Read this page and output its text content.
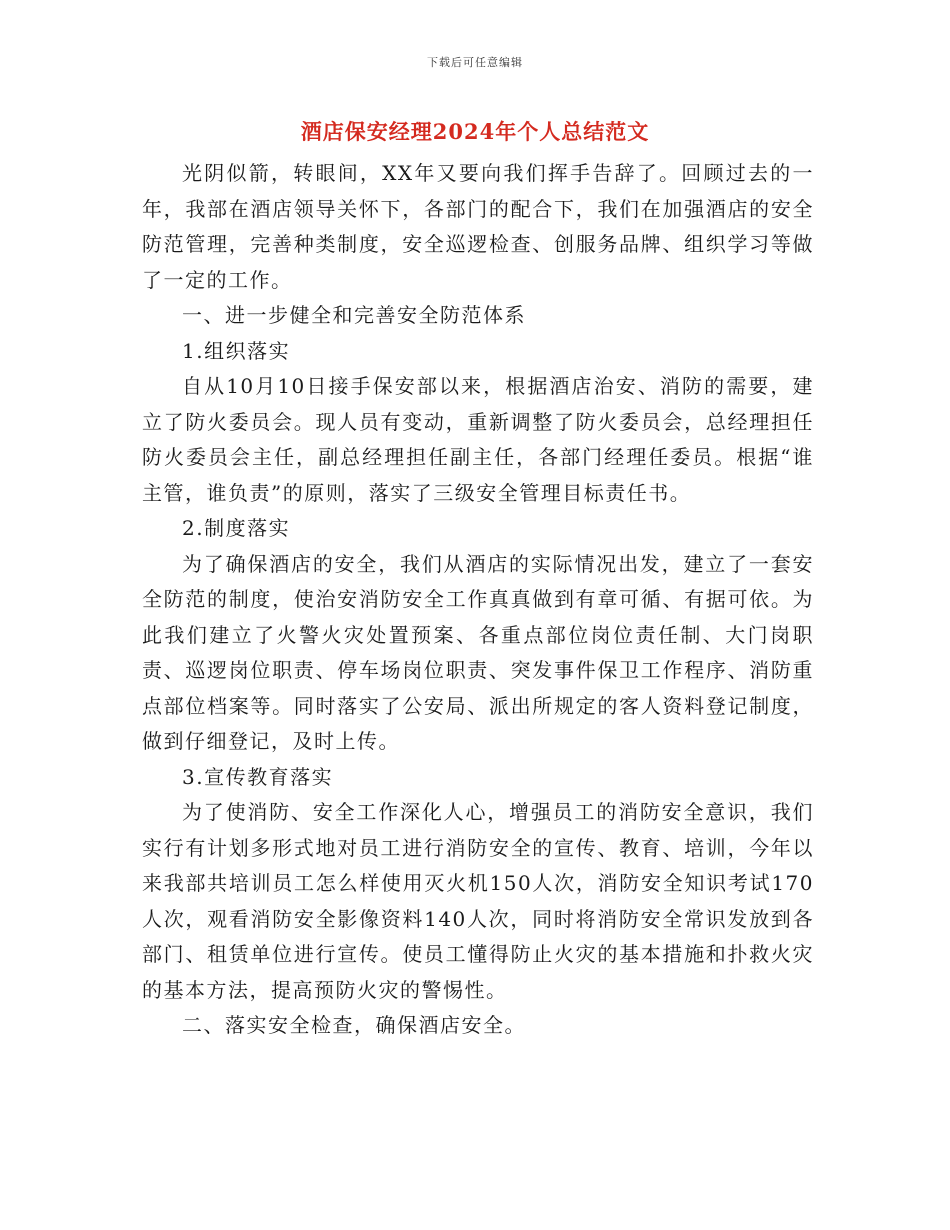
下载后可任意编辑
酒店保安经理2024年个人总结范文

光阴似箭，转眼间，XX年又要向我们挥手告辞了。回顾过去的一年，我部在酒店领导关怀下，各部门的配合下，我们在加强酒店的安全防范管理，完善种类制度，安全巡逻检查、创服务品牌、组织学习等做了一定的工作。

一、进一步健全和完善安全防范体系

1.组织落实

自从10月10日接手保安部以来，根据酒店治安、消防的需要，建立了防火委员会。现人员有变动，重新调整了防火委员会，总经理担任防火委员会主任，副总经理担任副主任，各部门经理任委员。根据“谁主管，谁负责”的原则，落实了三级安全管理目标责任书。

2.制度落实

为了确保酒店的安全，我们从酒店的实际情况出发，建立了一套安全防范的制度，使治安消防安全工作真真做到有章可循、有据可依。为此我们建立了火警火灾处置预案、各重点部位岗位责任制、大门岗职责、巡逻岗位职责、停车场岗位职责、突发事件保卫工作程序、消防重点部位档案等。同时落实了公安局、派出所规定的客人资料登记制度，做到仔细登记，及时上传。

3.宣传教育落实

为了使消防、安全工作深化人心，增强员工的消防安全意识，我们实行有计划多形式地对员工进行消防安全的宣传、教育、培训，今年以来我部共培训员工怎么样使用灭火机150人次，消防安全知识考试170人次，观看消防安全影像资料140人次，同时将消防安全常识发放到各部门、租赁单位进行宣传。使员工懂得防止火灾的基本措施和扑救火灾的基本方法，提高预防火灾的警惕性。

二、落实安全检查，确保酒店安全。
